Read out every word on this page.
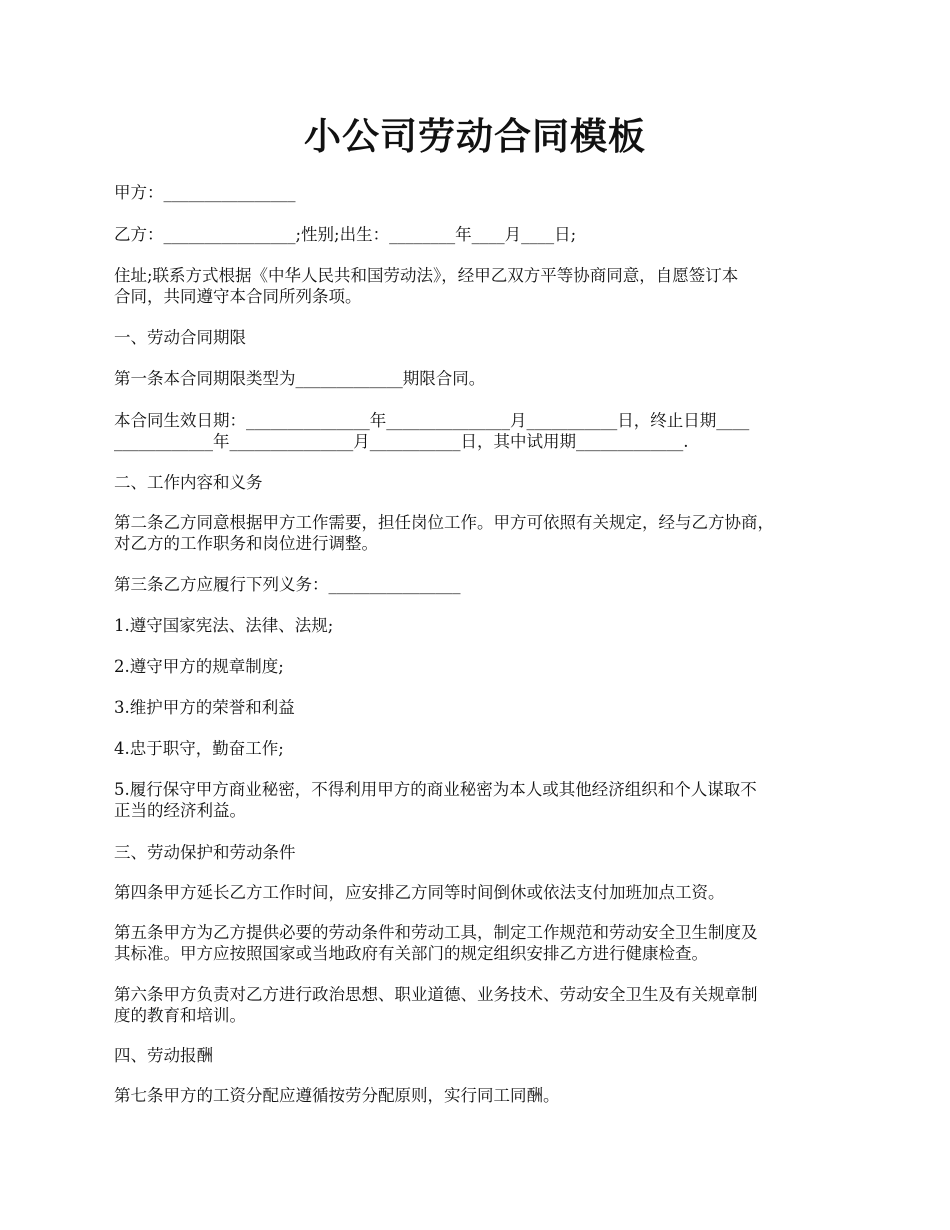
小公司劳动合同模板
甲方：________________
乙方：________________;性别;出生：________年____月____日;
住址;联系方式根据《中华人民共和国劳动法》，经甲乙双方平等协商同意，自愿签订本
合同，共同遵守本合同所列条项。
一、劳动合同期限
第一条本合同期限类型为_____________期限合同。
本合同生效日期：_______________年_______________月___________日，终止日期____
____________年_______________月___________日，其中试用期_____________.
二、工作内容和义务
第二条乙方同意根据甲方工作需要，担任岗位工作。甲方可依照有关规定，经与乙方协商，
对乙方的工作职务和岗位进行调整。
第三条乙方应履行下列义务：________________
1.遵守国家宪法、法律、法规;
2.遵守甲方的规章制度;
3.维护甲方的荣誉和利益
4.忠于职守，勤奋工作;
5.履行保守甲方商业秘密，不得利用甲方的商业秘密为本人或其他经济组织和个人谋取不
正当的经济利益。
三、劳动保护和劳动条件
第四条甲方延长乙方工作时间，应安排乙方同等时间倒休或依法支付加班加点工资。
第五条甲方为乙方提供必要的劳动条件和劳动工具，制定工作规范和劳动安全卫生制度及
其标准。甲方应按照国家或当地政府有关部门的规定组织安排乙方进行健康检查。
第六条甲方负责对乙方进行政治思想、职业道德、业务技术、劳动安全卫生及有关规章制
度的教育和培训。
四、劳动报酬
第七条甲方的工资分配应遵循按劳分配原则，实行同工同酬。
